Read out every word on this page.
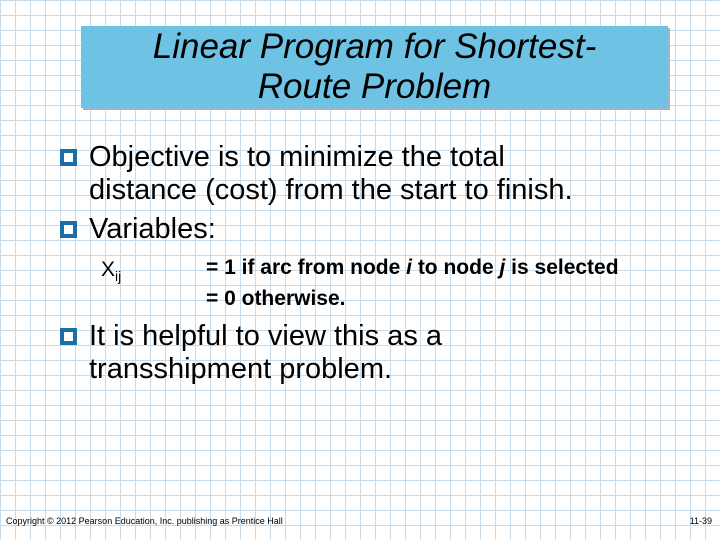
Linear Program for Shortest-
Route Problem
Objective is to minimize the total
distance (cost) from the start to finish.
Variables:
$X_{ij}$	= 1 if arc from node i to node j is selected
= 0 otherwise.
It is helpful to view this as a
transshipment problem.
Copyright © 2012 Pearson Education, Inc. publishing as Prentice Hall	11-39
